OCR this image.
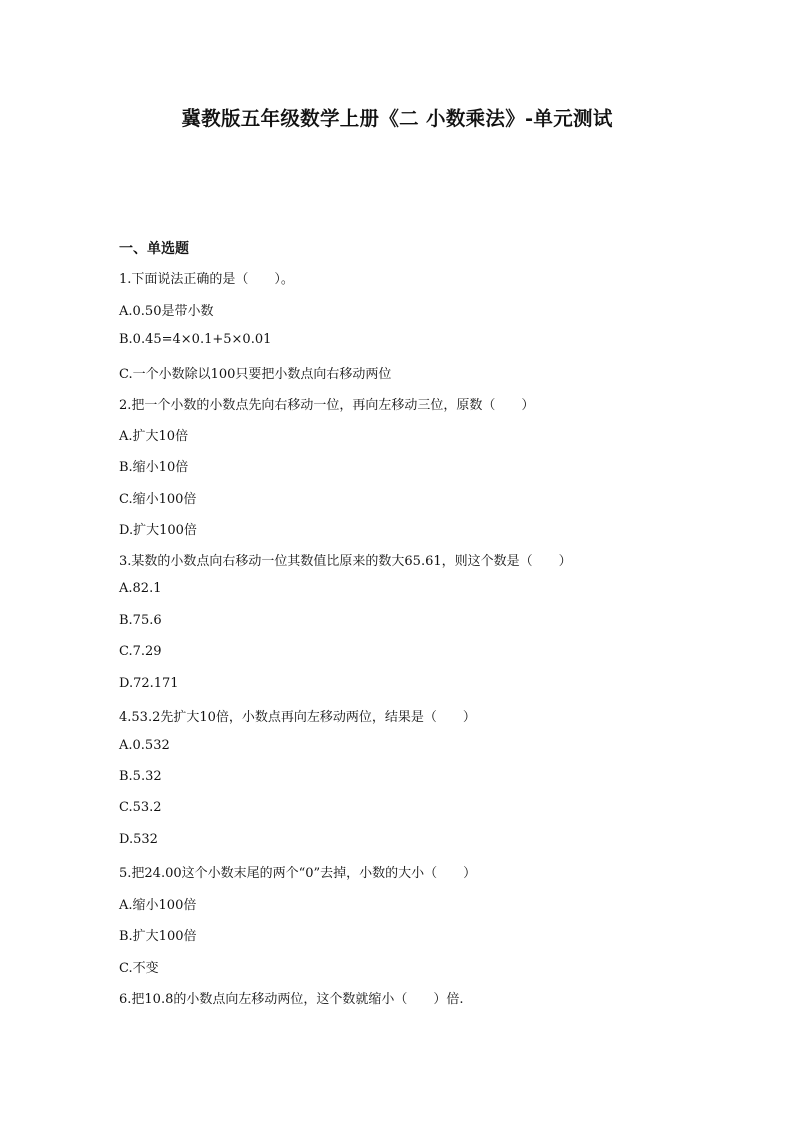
冀教版五年级数学上册《二 小数乘法》-单元测试
一、单选题
1.下面说法正确的是（　　）。
A.0.50是带小数
B.0.45=4×0.1+5×0.01
C.一个小数除以100只要把小数点向右移动两位
2.把一个小数的小数点先向右移动一位，再向左移动三位，原数（　　）
A.扩大10倍
B.缩小10倍
C.缩小100倍
D.扩大100倍
3.某数的小数点向右移动一位其数值比原来的数大65.61，则这个数是（　　）
A.82.1
B.75.6
C.7.29
D.72.171
4.53.2先扩大10倍，小数点再向左移动两位，结果是（　　）
A.0.532
B.5.32
C.53.2
D.532
5.把24.00这个小数末尾的两个“0”去掉，小数的大小（　　）
A.缩小100倍
B.扩大100倍
C.不变
6.把10.8的小数点向左移动两位，这个数就缩小（　　）倍.
